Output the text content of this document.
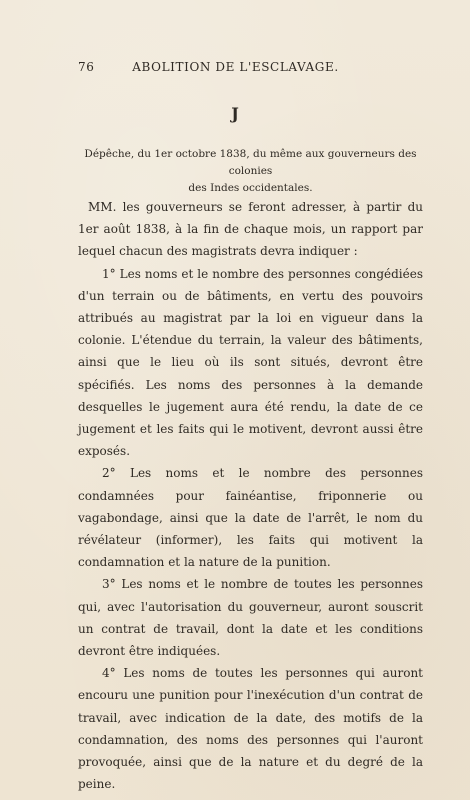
76	ABOLITION DE L'ESCLAVAGE.
J
Dépêche, du 1er octobre 1838, du même aux gouverneurs des colonies
des Indes occidentales.

MM. les gouverneurs se feront adresser, à partir du 1er août 1838, à la fin de chaque mois, un rapport par lequel chacun des magistrats devra indiquer :

1° Les noms et le nombre des personnes congédiées d'un terrain ou de bâtiments, en vertu des pouvoirs attribués au magistrat par la loi en vigueur dans la colonie. L'étendue du terrain, la valeur des bâtiments, ainsi que le lieu où ils sont situés, devront être spécifiés. Les noms des personnes à la demande desquelles le jugement aura été rendu, la date de ce jugement et les faits qui le motivent, devront aussi être exposés.

2° Les noms et le nombre des personnes condamnées pour fainéantise, friponnerie ou vagabondage, ainsi que la date de l'arrêt, le nom du révélateur (informer), les faits qui motivent la condamnation et la nature de la punition.

3° Les noms et le nombre de toutes les personnes qui, avec l'autorisation du gouverneur, auront souscrit un contrat de travail, dont la date et les conditions devront être indiquées.

4° Les noms de toutes les personnes qui auront encouru une punition pour l'inexécution d'un contrat de travail, avec indication de la date, des motifs de la condamnation, des noms des personnes qui l'auront provoquée, ainsi que de la nature et du degré de la peine.
